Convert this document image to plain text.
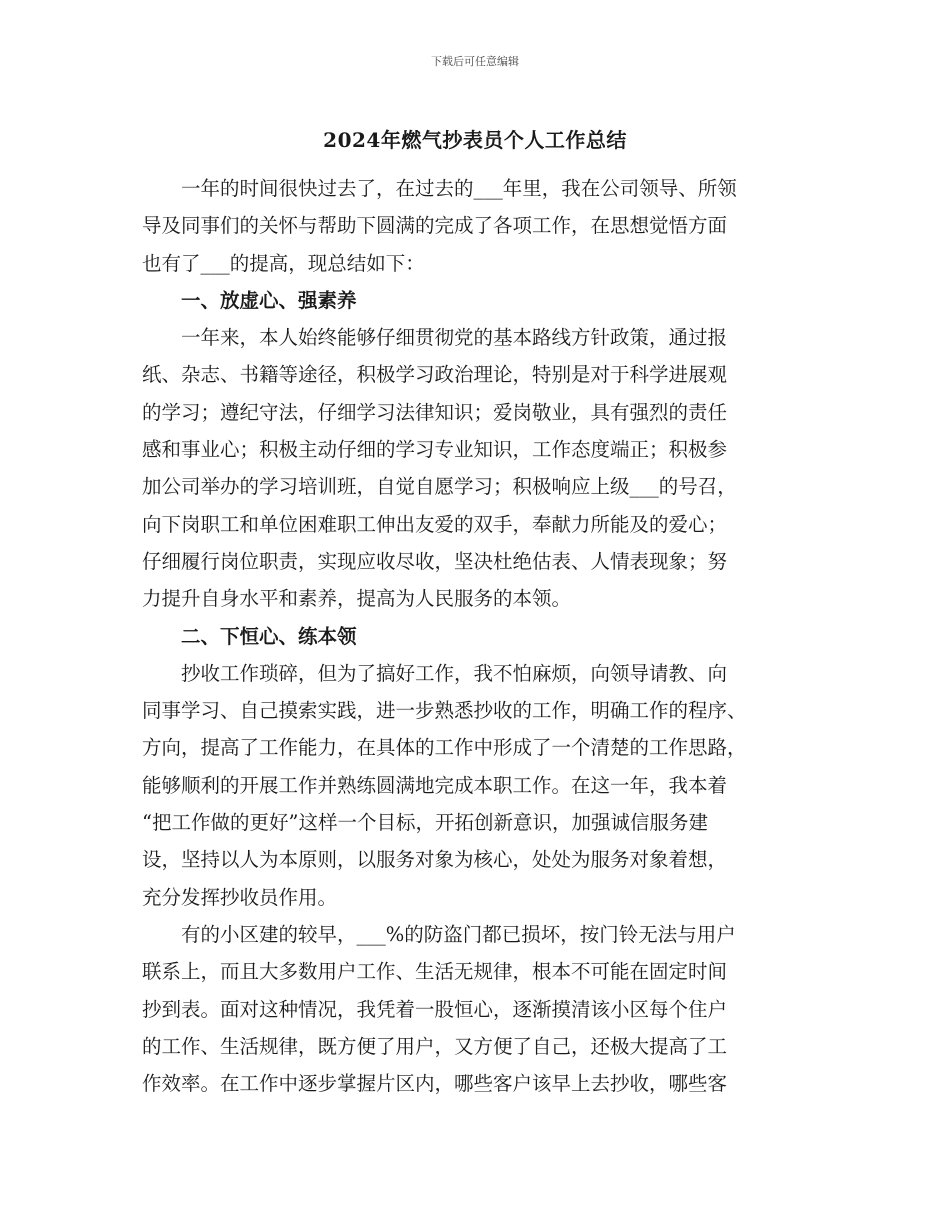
下载后可任意编辑
2024年燃气抄表员个人工作总结
　　一年的时间很快过去了，在过去的___年里，我在公司领导、所领
导及同事们的关怀与帮助下圆满的完成了各项工作，在思想觉悟方面
也有了___的提高，现总结如下：
　　一、放虚心、强素养
　　一年来，本人始终能够仔细贯彻党的基本路线方针政策，通过报
纸、杂志、书籍等途径，积极学习政治理论，特别是对于科学进展观
的学习；遵纪守法，仔细学习法律知识；爱岗敬业，具有强烈的责任
感和事业心；积极主动仔细的学习专业知识，工作态度端正；积极参
加公司举办的学习培训班，自觉自愿学习；积极响应上级___的号召，
向下岗职工和单位困难职工伸出友爱的双手，奉献力所能及的爱心；
仔细履行岗位职责，实现应收尽收，坚决杜绝估表、人情表现象；努
力提升自身水平和素养，提高为人民服务的本领。
　　二、下恒心、练本领
　　抄收工作琐碎，但为了搞好工作，我不怕麻烦，向领导请教、向
同事学习、自己摸索实践，进一步熟悉抄收的工作，明确工作的程序、
方向，提高了工作能力，在具体的工作中形成了一个清楚的工作思路，
能够顺利的开展工作并熟练圆满地完成本职工作。在这一年，我本着
“把工作做的更好”这样一个目标，开拓创新意识，加强诚信服务建
设，坚持以人为本原则，以服务对象为核心，处处为服务对象着想，
充分发挥抄收员作用。
　　有的小区建的较早，___%的防盗门都已损坏，按门铃无法与用户
联系上，而且大多数用户工作、生活无规律，根本不可能在固定时间
抄到表。面对这种情况，我凭着一股恒心，逐渐摸清该小区每个住户
的工作、生活规律，既方便了用户，又方便了自己，还极大提高了工
作效率。在工作中逐步掌握片区内，哪些客户该早上去抄收，哪些客
